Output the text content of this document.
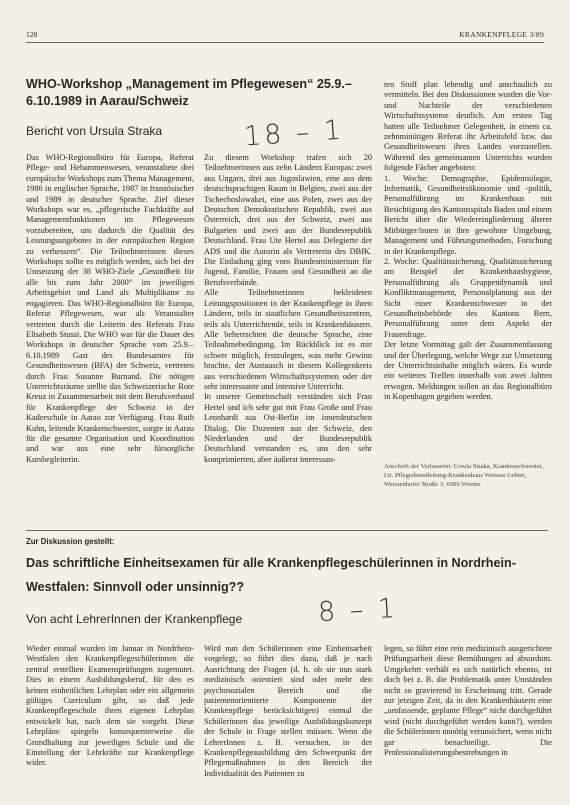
128	KRANKENPFLEGE 3/89
WHO-Workshop „Management im Pflegewesen“ 25.9.–6.10.1989 in Aarau/Schweiz
Bericht von Ursula Straka	18 – 1

Das WHO-Regionalbüro für Europa, Referat Pflege- und Hebammenwesen, veranstaltete drei europäische Workshops zum Thema Management, 1986 in englischer Sprache, 1987 in französischer und 1989 in deutscher Sprache. Ziel dieser Workshops war es, „pflegerische Fachkräfte auf Managementfunktionen im Pflegewesen vorzubereiten, um dadurch die Qualität des Leistungsangebotes in der europäischen Region zu verbessern“. Die Teilnehmerinnen dieses Workshops sollte es möglich werden, sich bei der Umsetzung der 38 WHO-Ziele „Gesundheit für alle bis zum Jahr 2000“ im jeweiligen Arbeitsgebiet und Land als Multiplikator zu engagieren. Das WHO-Regionalbüro für Europa, Referat Pflegewesen, war als Veranstalter vertreten durch die Leiterin des Referats Frau Elisabeth Stussi. Die WHO war für die Dauer des Workshops in deutscher Sprache vom 25.9.–6.10.1989 Gast des Bundesamtes für Gesundheitswesen (BFA) der Schweiz, vertreten durch Frau Susanne Burnand. Die nötigen Unterrichtsräume stellte das Schweizerische Rote Kreuz in Zusammenarbeit mit dem Berufsverband für Krankenpflege der Schweiz in der Kaderschule in Aarau zur Verfügung. Frau Ruth Kuhn, leitende Krankenschwester, sorgte in Aarau für die gesamte Organisation und Koordination und war uns eine sehr fürsorgliche Kursbegleiterin.

Zu diesem Workshop trafen sich 20 Teilnehmerinnen aus zehn Ländern Europas: zwei aus Ungarn, drei aus Jugoslawien, eine aus dem deutschsprachigen Raum in Belgien, zwei aus der Tschechoslowakei, eine aus Polen, zwei aus der Deutschen Demokratischen Republik, zwei aus Österreich, drei aus der Schweiz, zwei aus Bulgarien und zwei aus der Bundesrepublik Deutschland. Frau Ute Hertel aus Delegierte der ADS und die Autorin als Vertreterin des DBfK. Die Einladung ging vom Bundesministerium für Jugend, Familie, Frauen und Gesundheit an die Berufsverbände.

Alle Teilnehmerinnen bekleideten Leitungspositionen in der Krankenpflege in ihren Ländern, teils in staatlichen Gesundheitszentren, teils als Unterrichtende, teils in Krankenhäusern. Alle beherrschten die deutsche Sprache, eine Teilnahmebedingung. Im Rückblick ist es mir schwer möglich, festzulegen, was mehr Gewinn brachte, der Austausch in diesem Kollegenkreis aus verschiedenen Wirtschaftssystemen oder der sehr interessante und intensive Unterricht.

In unserer Gemeinschaft verständen sich Frau Hertel und ich sehr gut mit Frau Große und Frau Leonhardi aus Ost-Berlin im innerdeutschen Dialog. Die Dozenten aus der Schweiz, den Niederlanden und der Bundesrepublik Deutschland verstanden es, uns den sehr komprimierten, aber äußerst interessan-

ten Stoff plan lebendig und anschaulich zu vermitteln. Bei den Diskussionen wurden die Vor- und Nachteile der verschiedenen Wirtschaftssysteme deutlich. Am ersten Tag hatten alle Teilnehmer Gelegenheit, in einem ca. zehnminütigen Referat ihr Arbeitsfeld bzw. das Gesundheitswesen ihres Landes vorzustellen. Während des gemeinsamen Unterrichts wurden folgende Fächer angeboten:

1. Woche: Demographie, Epidemiologie, Informatik, Gesundheitsökonomie und -politik, Personalführung im Krankenhaus mit Besichtigung des Kantonsspitals Baden und einem Bericht über die Wiedereingliederung älterer Mitbürger/innen in ihre gewohnte Umgebung, Management und Führungsmethoden, Forschung in der Krankenpflege.

2. Woche: Qualitätssicherung, Qualitätssicherung am Beispiel der Krankenhaushygiene, Personalführung als Gruppendynamik und Konfliktmanagement, Personalplanung aus der Sicht einer Krankenschwester in der Gesundheitsbehörde des Kantons Bern, Personalführung unter dem Aspekt der Frauenfrage.

Der letzte Vormittag galt der Zusammenfassung und der Überlegung, welche Wege zur Umsetzung der Unterrichtsinhalte möglich wären. Es wurde ein weiteres Treffen innerhalb von zwei Jahren erwogen. Meldungen sollen an das Regionalbüro in Kopenhagen gegeben werden.

Anschrift der Verfasserin: Ursula Straka, Krankenschwester, Ltr. Pflegedienstleitung-Krankenhaus Weisses Gebiet, Weissenhofer Straße 3, 6500 Worms.
Zur Diskussion gestellt:
Das schriftliche Einheitsexamen für alle Krankenpflegeschülerinnen in Nordrhein-Westfalen: Sinnvoll oder unsinnig??
Von acht LehrerInnen der Krankenpflege	8 – 1

Wieder einmal wurden im Januar in Nordrhein-Westfalen den Krankenpflegeschülerinnen die zentral erstellten Examensprüfungen zugemutet. Dies in einem Ausbildungsberuf, für den es keinen einheitlichen Lehrplan oder ein allgemein gültiges Curriculum gibt, so daß jede Krankenpflegeschule ihren eigenen Lehrplan entwickelt hat, nach dem sie vorgeht. Diese Lehrpläne spiegeln konsequenterweise die Grundhaltung zur jeweiligen Schule und die Einstellung der Lehrkräfte zur Krankenpflege wider.

Wird nun den Schülerinnen eine Einheitsarbeit vorgelegt, so führt dies dazu, daß je nach Ausrichtung der Fragen (d. h. ob sie nun stark medizinisch orientiert sind oder mehr den psychosozialen Bereich und die patientenorientierte Komponente der Krankenpflege berücksichtigen) einmal die Schülerinnen das jeweilige Ausbildungskonzept der Schule in Frage stellen müssen. Wenn die LehrerInnen z. B. versuchen, in der Krankenpflegeausbildung den Schwerpunkt der Pflegemaßnahmen in den Bereich der Individualität des Patienten zu

legen, so führt eine rein medizinisch ausgerichtete Prüfungsarbeit diese Bemühungen ad absurdum. Umgekehrt verhält es sich natürlich ebenso, ist doch bei z. B. die Problematik unter Umständen nicht so gravierend in Erscheinung tritt. Gerade zur jetzigen Zeit, da in den Krankenhäusern eine „umfassende, geplante Pflege“ nicht durchgeführt wird (nicht durchgeführt werden kann?), werden die Schülerinnen unnötig verunsichert, wenn nicht gar benachteiligt. Die Professionalisierungsbestrebungen in
